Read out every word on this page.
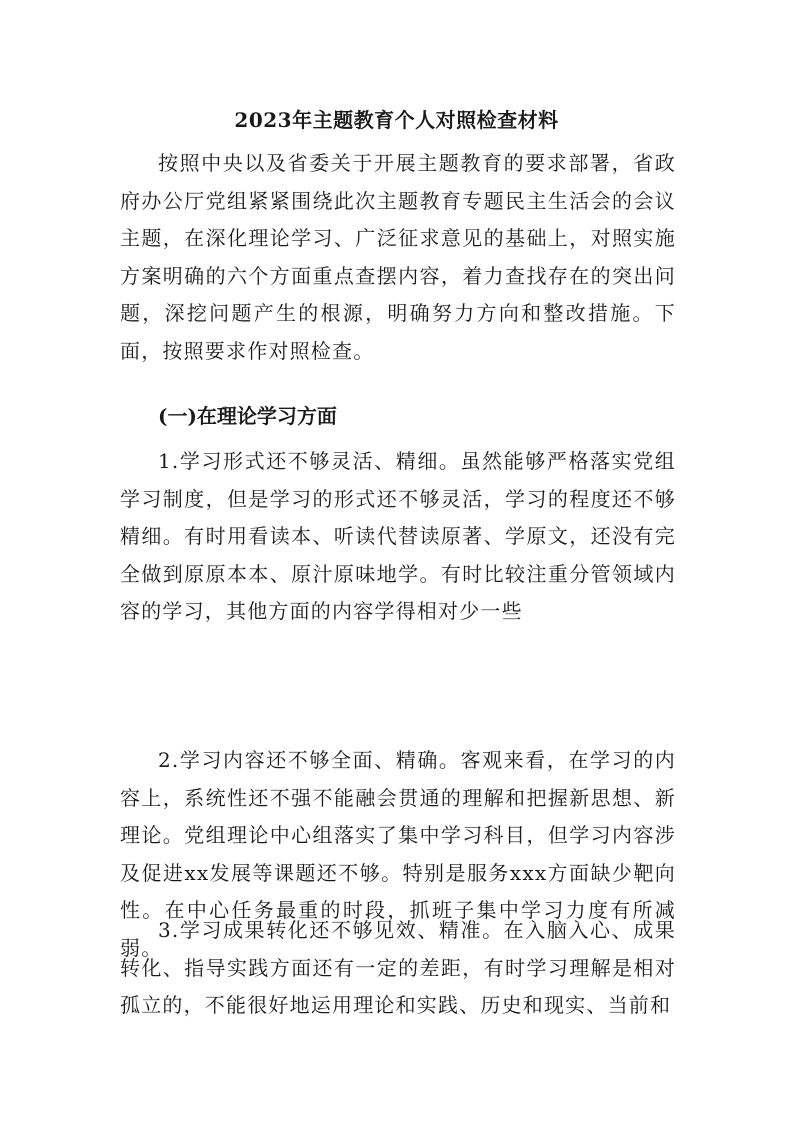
2023年主题教育个人对照检查材料

按照中央以及省委关于开展主题教育的要求部署，省政府办公厅党组紧紧围绕此次主题教育专题民主生活会的会议主题，在深化理论学习、广泛征求意见的基础上，对照实施方案明确的六个方面重点查摆内容，着力查找存在的突出问题，深挖问题产生的根源，明确努力方向和整改措施。下面，按照要求作对照检查。

(一)在理论学习方面

1.学习形式还不够灵活、精细。虽然能够严格落实党组学习制度，但是学习的形式还不够灵活，学习的程度还不够精细。有时用看读本、听读代替读原著、学原文，还没有完全做到原原本本、原汁原味地学。有时比较注重分管领域内容的学习，其他方面的内容学得相对少一些

2.学习内容还不够全面、精确。客观来看，在学习的内容上，系统性还不强不能融会贯通的理解和把握新思想、新理论。党组理论中心组落实了集中学习科目，但学习内容涉及促进xx发展等课题还不够。特别是服务xxx方面缺少靶向性。在中心任务最重的时段，抓班子集中学习力度有所减弱。

3.学习成果转化还不够见效、精准。在入脑入心、成果转化、指导实践方面还有一定的差距，有时学习理解是相对孤立的，不能很好地运用理论和实践、历史和现实、当前和
